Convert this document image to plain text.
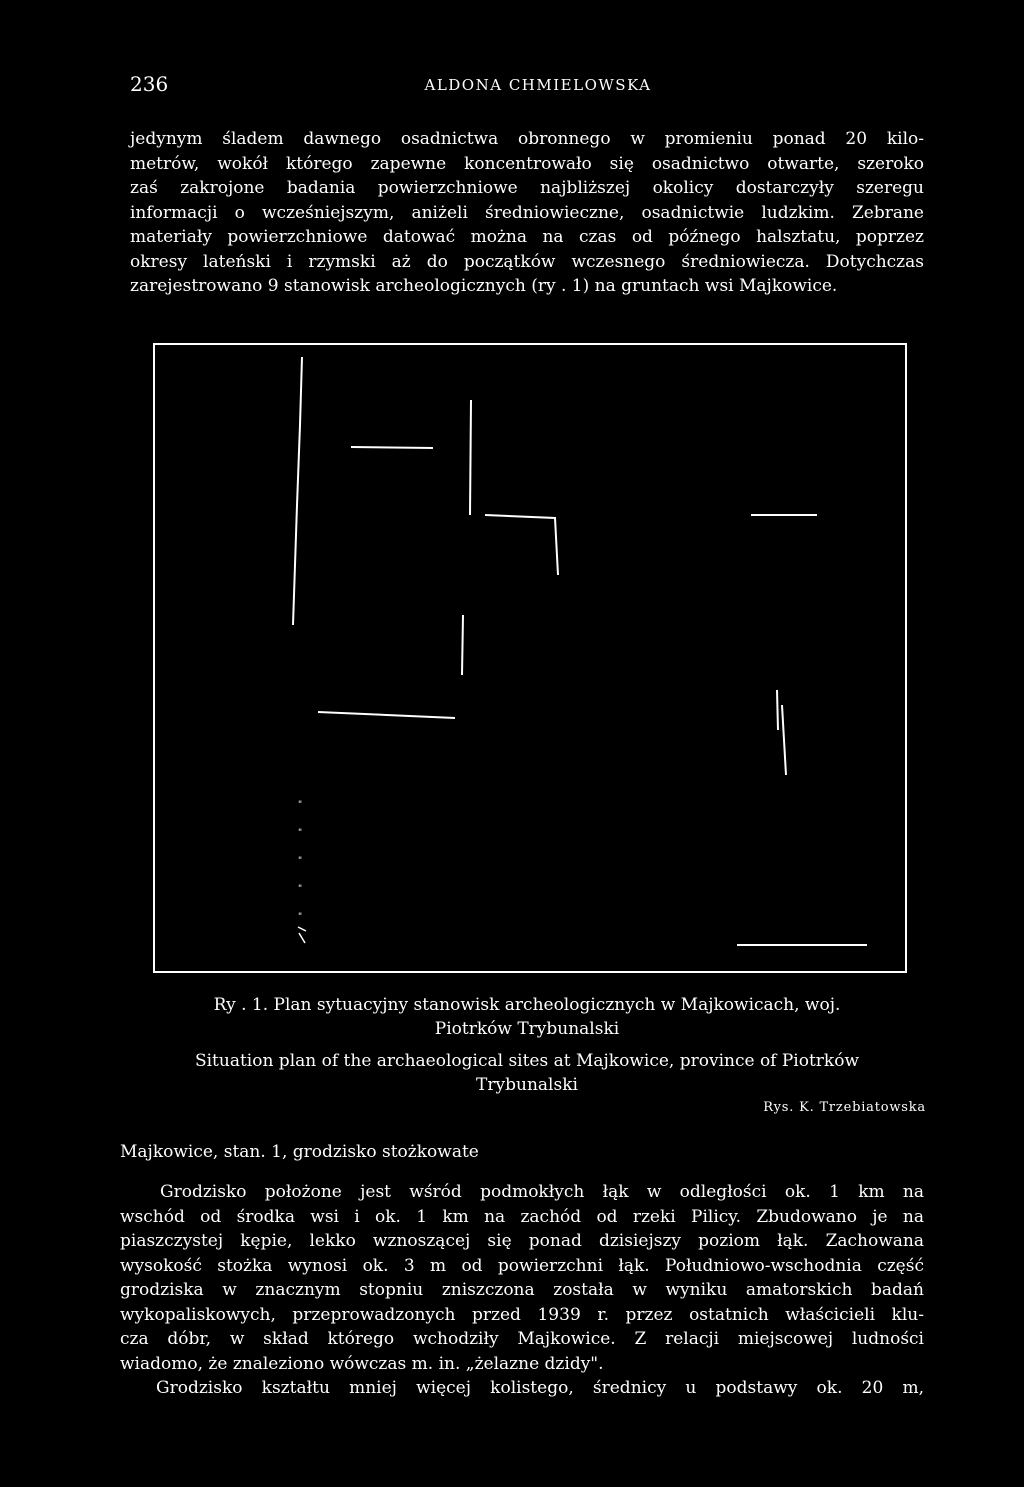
236	ALDONA CHMIELOWSKA
jedynym śladem dawnego osadnictwa obronnego w promieniu ponad 20 kilo-
metrów, wokół którego zapewne koncentrowało się osadnictwo otwarte, szeroko
zaś zakrojone badania powierzchniowe najbliższej okolicy dostarczyły szeregu
informacji o wcześniejszym, aniżeli średniowieczne, osadnictwie ludzkim. Zebrane
materiały powierzchniowe datować można na czas od późnego halsztatu, poprzez
okresy lateński i rzymski aż do początków wczesnego średniowiecza. Dotychczas
zarejestrowano 9 stanowisk archeologicznych (ry . 1) na gruntach wsi Majkowice.
"
"
"
"
"
Ry . 1. Plan sytuacyjny stanowisk archeologicznych w Majkowicach, woj.
Piotrków Trybunalski
Situation plan of the archaeological sites at Majkowice, province of Piotrków
Trybunalski
Rys. K. Trzebiatowska
Majkowice, stan. 1, grodzisko stożkowate
Grodzisko położone jest wśród podmokłych łąk w odległości ok. 1 km na
wschód od środka wsi i ok. 1 km na zachód od rzeki Pilicy. Zbudowano je na
piaszczystej kępie, lekko wznoszącej się ponad dzisiejszy poziom łąk. Zachowana
wysokość stożka wynosi ok. 3 m od powierzchni łąk. Południowo-wschodnia część
grodziska w znacznym stopniu zniszczona została w wyniku amatorskich badań
wykopaliskowych, przeprowadzonych przed 1939 r. przez ostatnich właścicieli klu-
cza dóbr, w skład którego wchodziły Majkowice. Z relacji miejscowej ludności
wiadomo, że znaleziono wówczas m. in. „żelazne dzidy".
Grodzisko kształtu mniej więcej kolistego, średnicy u podstawy ok. 20 m,
